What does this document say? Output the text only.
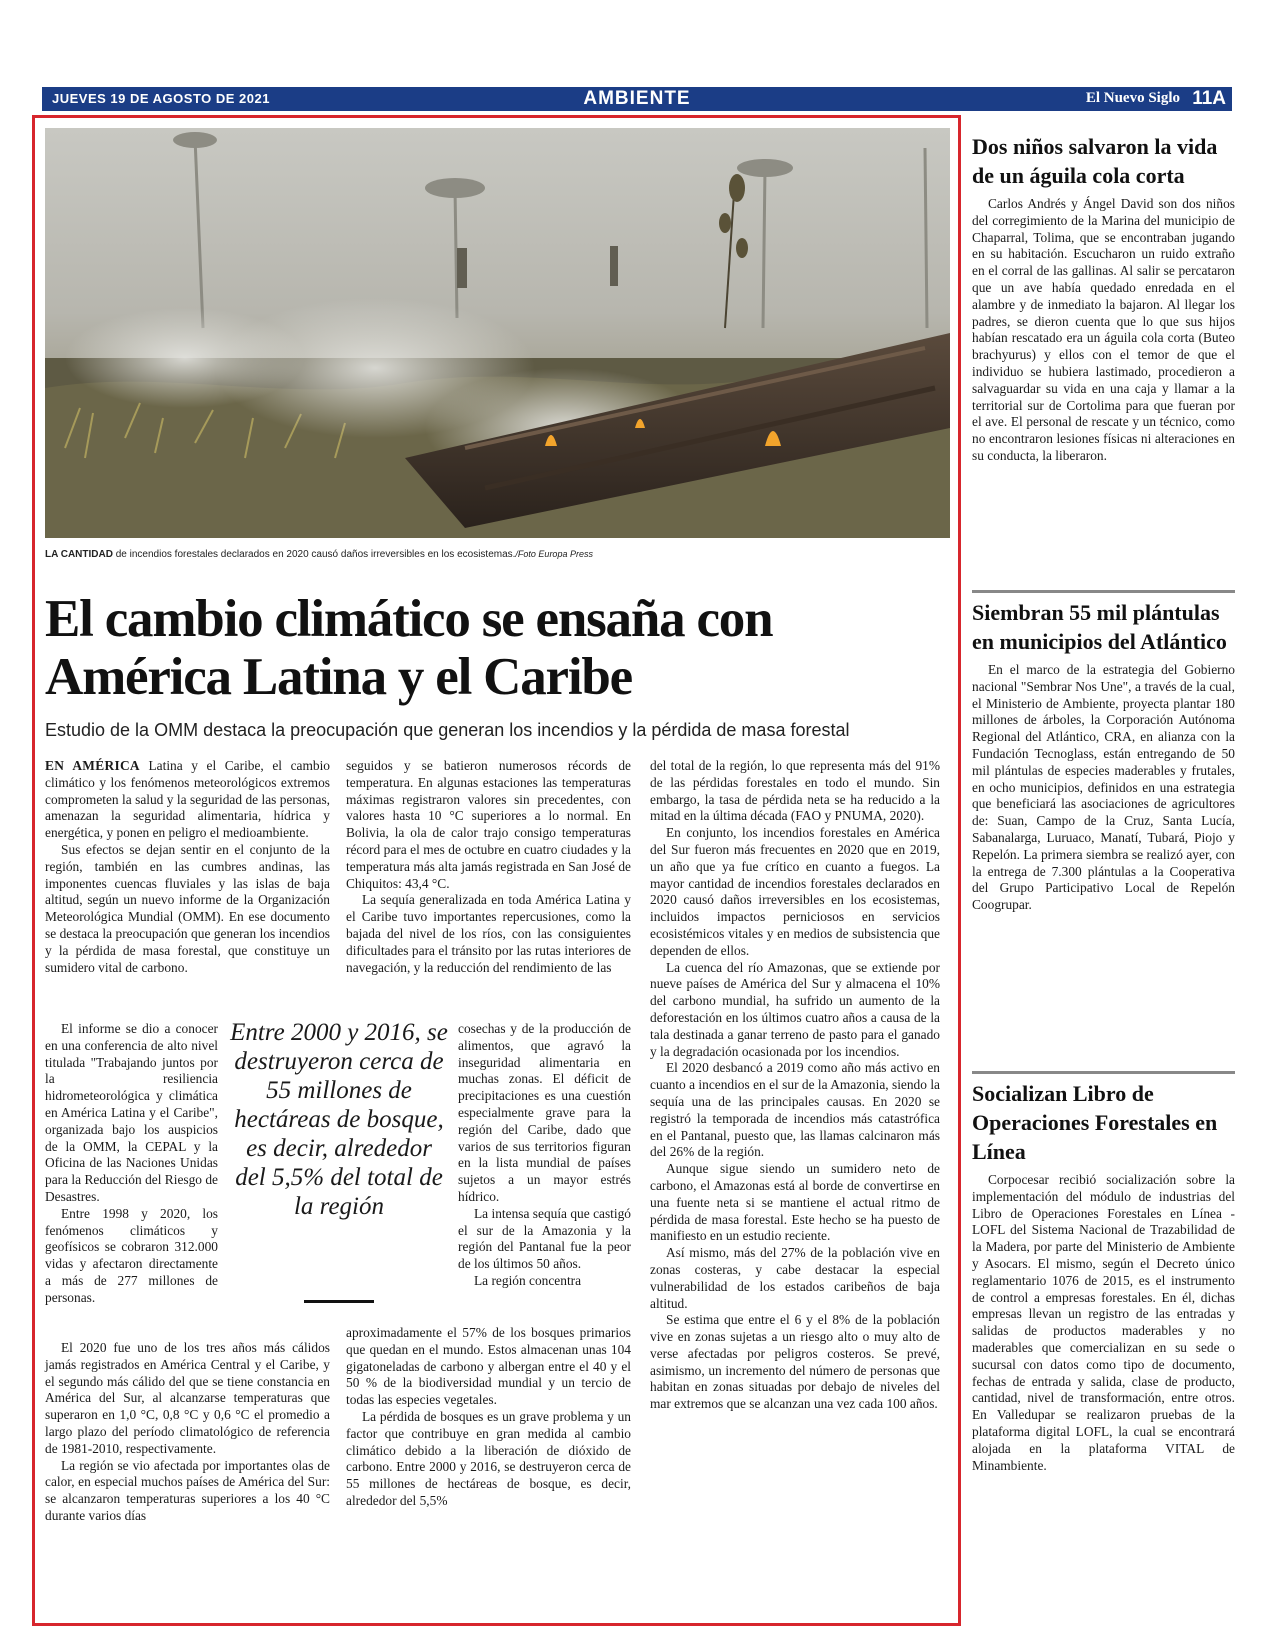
JUEVES 19 DE AGOSTO DE 2021	AMBIENTE	El Nuevo Siglo 11A
LA CANTIDAD de incendios forestales declarados en 2020 causó daños irreversibles en los ecosistemas./Foto Europa Press
El cambio climático se ensaña con América Latina y el Caribe
Estudio de la OMM destaca la preocupación que generan los incendios y la pérdida de masa forestal

EN AMÉRICA Latina y el Caribe, el cambio climático y los fenómenos meteorológicos extremos comprometen la salud y la seguridad de las personas, amenazan la seguridad alimentaria, hídrica y energética, y ponen en peligro el medioambiente.

Sus efectos se dejan sentir en el conjunto de la región, también en las cumbres andinas, las imponentes cuencas fluviales y las islas de baja altitud, según un nuevo informe de la Organización Meteorológica Mundial (OMM). En ese documento se destaca la preocupación que generan los incendios y la pérdida de masa forestal, que constituye un sumidero vital de carbono.

El informe se dio a conocer en una conferencia de alto nivel titulada "Trabajando juntos por la resiliencia hidrometeorológica y climática en América Latina y el Caribe", organizada bajo los auspicios de la OMM, la CEPAL y la Oficina de las Naciones Unidas para la Reducción del Riesgo de Desastres.

Entre 1998 y 2020, los fenómenos climáticos y geofísicos se cobraron 312.000 vidas y afectaron directamente a más de 277 millones de personas.

El 2020 fue uno de los tres años más cálidos jamás registrados en América Central y el Caribe, y el segundo más cálido del que se tiene constancia en América del Sur, al alcanzarse temperaturas que superaron en 1,0 °C, 0,8 °C y 0,6 °C el promedio a largo plazo del período climatológico de referencia de 1981-2010, respectivamente.

La región se vio afectada por importantes olas de calor, en especial muchos países de América del Sur: se alcanzaron temperaturas superiores a los 40 °C durante varios días

seguidos y se batieron numerosos récords de temperatura. En algunas estaciones las temperaturas máximas registraron valores sin precedentes, con valores hasta 10 °C superiores a lo normal. En Bolivia, la ola de calor trajo consigo temperaturas récord para el mes de octubre en cuatro ciudades y la temperatura más alta jamás registrada en San José de Chiquitos: 43,4 °C.

La sequía generalizada en toda América Latina y el Caribe tuvo importantes repercusiones, como la bajada del nivel de los ríos, con las consiguientes dificultades para el tránsito por las rutas interiores de navegación, y la reducción del rendimiento de las

cosechas y de la producción de alimentos, que agravó la inseguridad alimentaria en muchas zonas. El déficit de precipitaciones es una cuestión especialmente grave para la región del Caribe, dado que varios de sus territorios figuran en la lista mundial de países sujetos a un mayor estrés hídrico.

La intensa sequía que castigó el sur de la Amazonia y la región del Pantanal fue la peor de los últimos 50 años.

La región concentra

aproximadamente el 57% de los bosques primarios que quedan en el mundo. Estos almacenan unas 104 gigatoneladas de carbono y albergan entre el 40 y el 50 % de la biodiversidad mundial y un tercio de todas las especies vegetales.

La pérdida de bosques es un grave problema y un factor que contribuye en gran medida al cambio climático debido a la liberación de dióxido de carbono. Entre 2000 y 2016, se destruyeron cerca de 55 millones de hectáreas de bosque, es decir, alrededor del 5,5%

Entre 2000 y 2016, se destruyeron cerca de 55 millones de hectáreas de bosque, es decir, alrededor del 5,5% del total de la región

del total de la región, lo que representa más del 91% de las pérdidas forestales en todo el mundo. Sin embargo, la tasa de pérdida neta se ha reducido a la mitad en la última década (FAO y PNUMA, 2020).

En conjunto, los incendios forestales en América del Sur fueron más frecuentes en 2020 que en 2019, un año que ya fue crítico en cuanto a fuegos. La mayor cantidad de incendios forestales declarados en 2020 causó daños irreversibles en los ecosistemas, incluidos impactos perniciosos en servicios ecosistémicos vitales y en medios de subsistencia que dependen de ellos.

La cuenca del río Amazonas, que se extiende por nueve países de América del Sur y almacena el 10% del carbono mundial, ha sufrido un aumento de la deforestación en los últimos cuatro años a causa de la tala destinada a ganar terreno de pasto para el ganado y la degradación ocasionada por los incendios.

El 2020 desbancó a 2019 como año más activo en cuanto a incendios en el sur de la Amazonia, siendo la sequía una de las principales causas. En 2020 se registró la temporada de incendios más catastrófica en el Pantanal, puesto que, las llamas calcinaron más del 26% de la región.

Aunque sigue siendo un sumidero neto de carbono, el Amazonas está al borde de convertirse en una fuente neta si se mantiene el actual ritmo de pérdida de masa forestal. Este hecho se ha puesto de manifiesto en un estudio reciente.

Así mismo, más del 27% de la población vive en zonas costeras, y cabe destacar la especial vulnerabilidad de los estados caribeños de baja altitud.

Se estima que entre el 6 y el 8% de la población vive en zonas sujetas a un riesgo alto o muy alto de verse afectadas por peligros costeros. Se prevé, asimismo, un incremento del número de personas que habitan en zonas situadas por debajo de niveles del mar extremos que se alcanzan una vez cada 100 años.

Dos niños salvaron la vida de un águila cola corta

Carlos Andrés y Ángel David son dos niños del corregimiento de la Marina del municipio de Chaparral, Tolima, que se encontraban jugando en su habitación. Escucharon un ruido extraño en el corral de las gallinas. Al salir se percataron que un ave había quedado enredada en el alambre y de inmediato la bajaron. Al llegar los padres, se dieron cuenta que lo que sus hijos habían rescatado era un águila cola corta (Buteo brachyurus) y ellos con el temor de que el individuo se hubiera lastimado, procedieron a salvaguardar su vida en una caja y llamar a la territorial sur de Cortolima para que fueran por el ave. El personal de rescate y un técnico, como no encontraron lesiones físicas ni alteraciones en su conducta, la liberaron.

Siembran 55 mil plántulas en municipios del Atlántico

En el marco de la estrategia del Gobierno nacional "Sembrar Nos Une", a través de la cual, el Ministerio de Ambiente, proyecta plantar 180 millones de árboles, la Corporación Autónoma Regional del Atlántico, CRA, en alianza con la Fundación Tecnoglass, están entregando de 50 mil plántulas de especies maderables y frutales, en ocho municipios, definidos en una estrategia que beneficiará las asociaciones de agricultores de: Suan, Campo de la Cruz, Santa Lucía, Sabanalarga, Luruaco, Manatí, Tubará, Piojo y Repelón. La primera siembra se realizó ayer, con la entrega de 7.300 plántulas a la Cooperativa del Grupo Participativo Local de Repelón Coogrupar.

Socializan Libro de Operaciones Forestales en Línea

Corpocesar recibió socialización sobre la implementación del módulo de industrias del Libro de Operaciones Forestales en Línea -LOFL del Sistema Nacional de Trazabilidad de la Madera, por parte del Ministerio de Ambiente y Asocars. El mismo, según el Decreto único reglamentario 1076 de 2015, es el instrumento de control a empresas forestales. En él, dichas empresas llevan un registro de las entradas y salidas de productos maderables y no maderables que comercializan en su sede o sucursal con datos como tipo de documento, fechas de entrada y salida, clase de producto, cantidad, nivel de transformación, entre otros. En Valledupar se realizaron pruebas de la plataforma digital LOFL, la cual se encontrará alojada en la plataforma VITAL de Minambiente.
